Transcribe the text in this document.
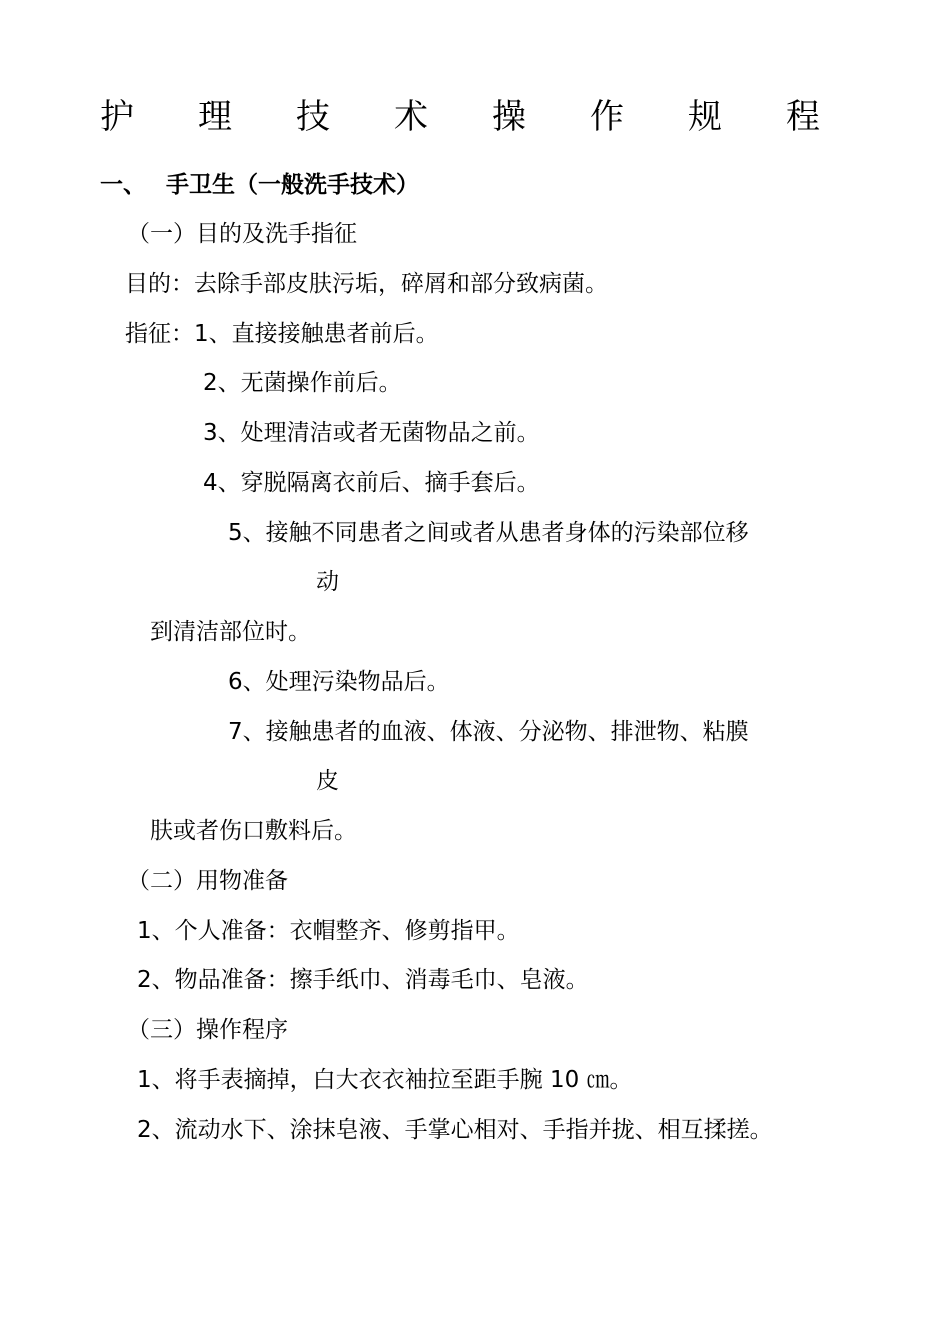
护 理 技 术 操 作 规 程
一、 手卫生（一般洗手技术）
（一）目的及洗手指征
目的：去除手部皮肤污垢，碎屑和部分致病菌。
指征：1、直接接触患者前后。
2、无菌操作前后。
3、处理清洁或者无菌物品之前。
4、穿脱隔离衣前后、摘手套后。
5、接触不同患者之间或者从患者身体的污染部位移
动
到清洁部位时。
6、处理污染物品后。
7、接触患者的血液、体液、分泌物、排泄物、粘膜
皮
肤或者伤口敷料后。
（二）用物准备
1、个人准备：衣帽整齐、修剪指甲。
2、物品准备：擦手纸巾、消毒毛巾、皂液。
（三）操作程序
1、将手表摘掉，白大衣衣袖拉至距手腕 10 ㎝。
2、流动水下、涂抹皂液、手掌心相对、手指并拢、相互揉搓。
